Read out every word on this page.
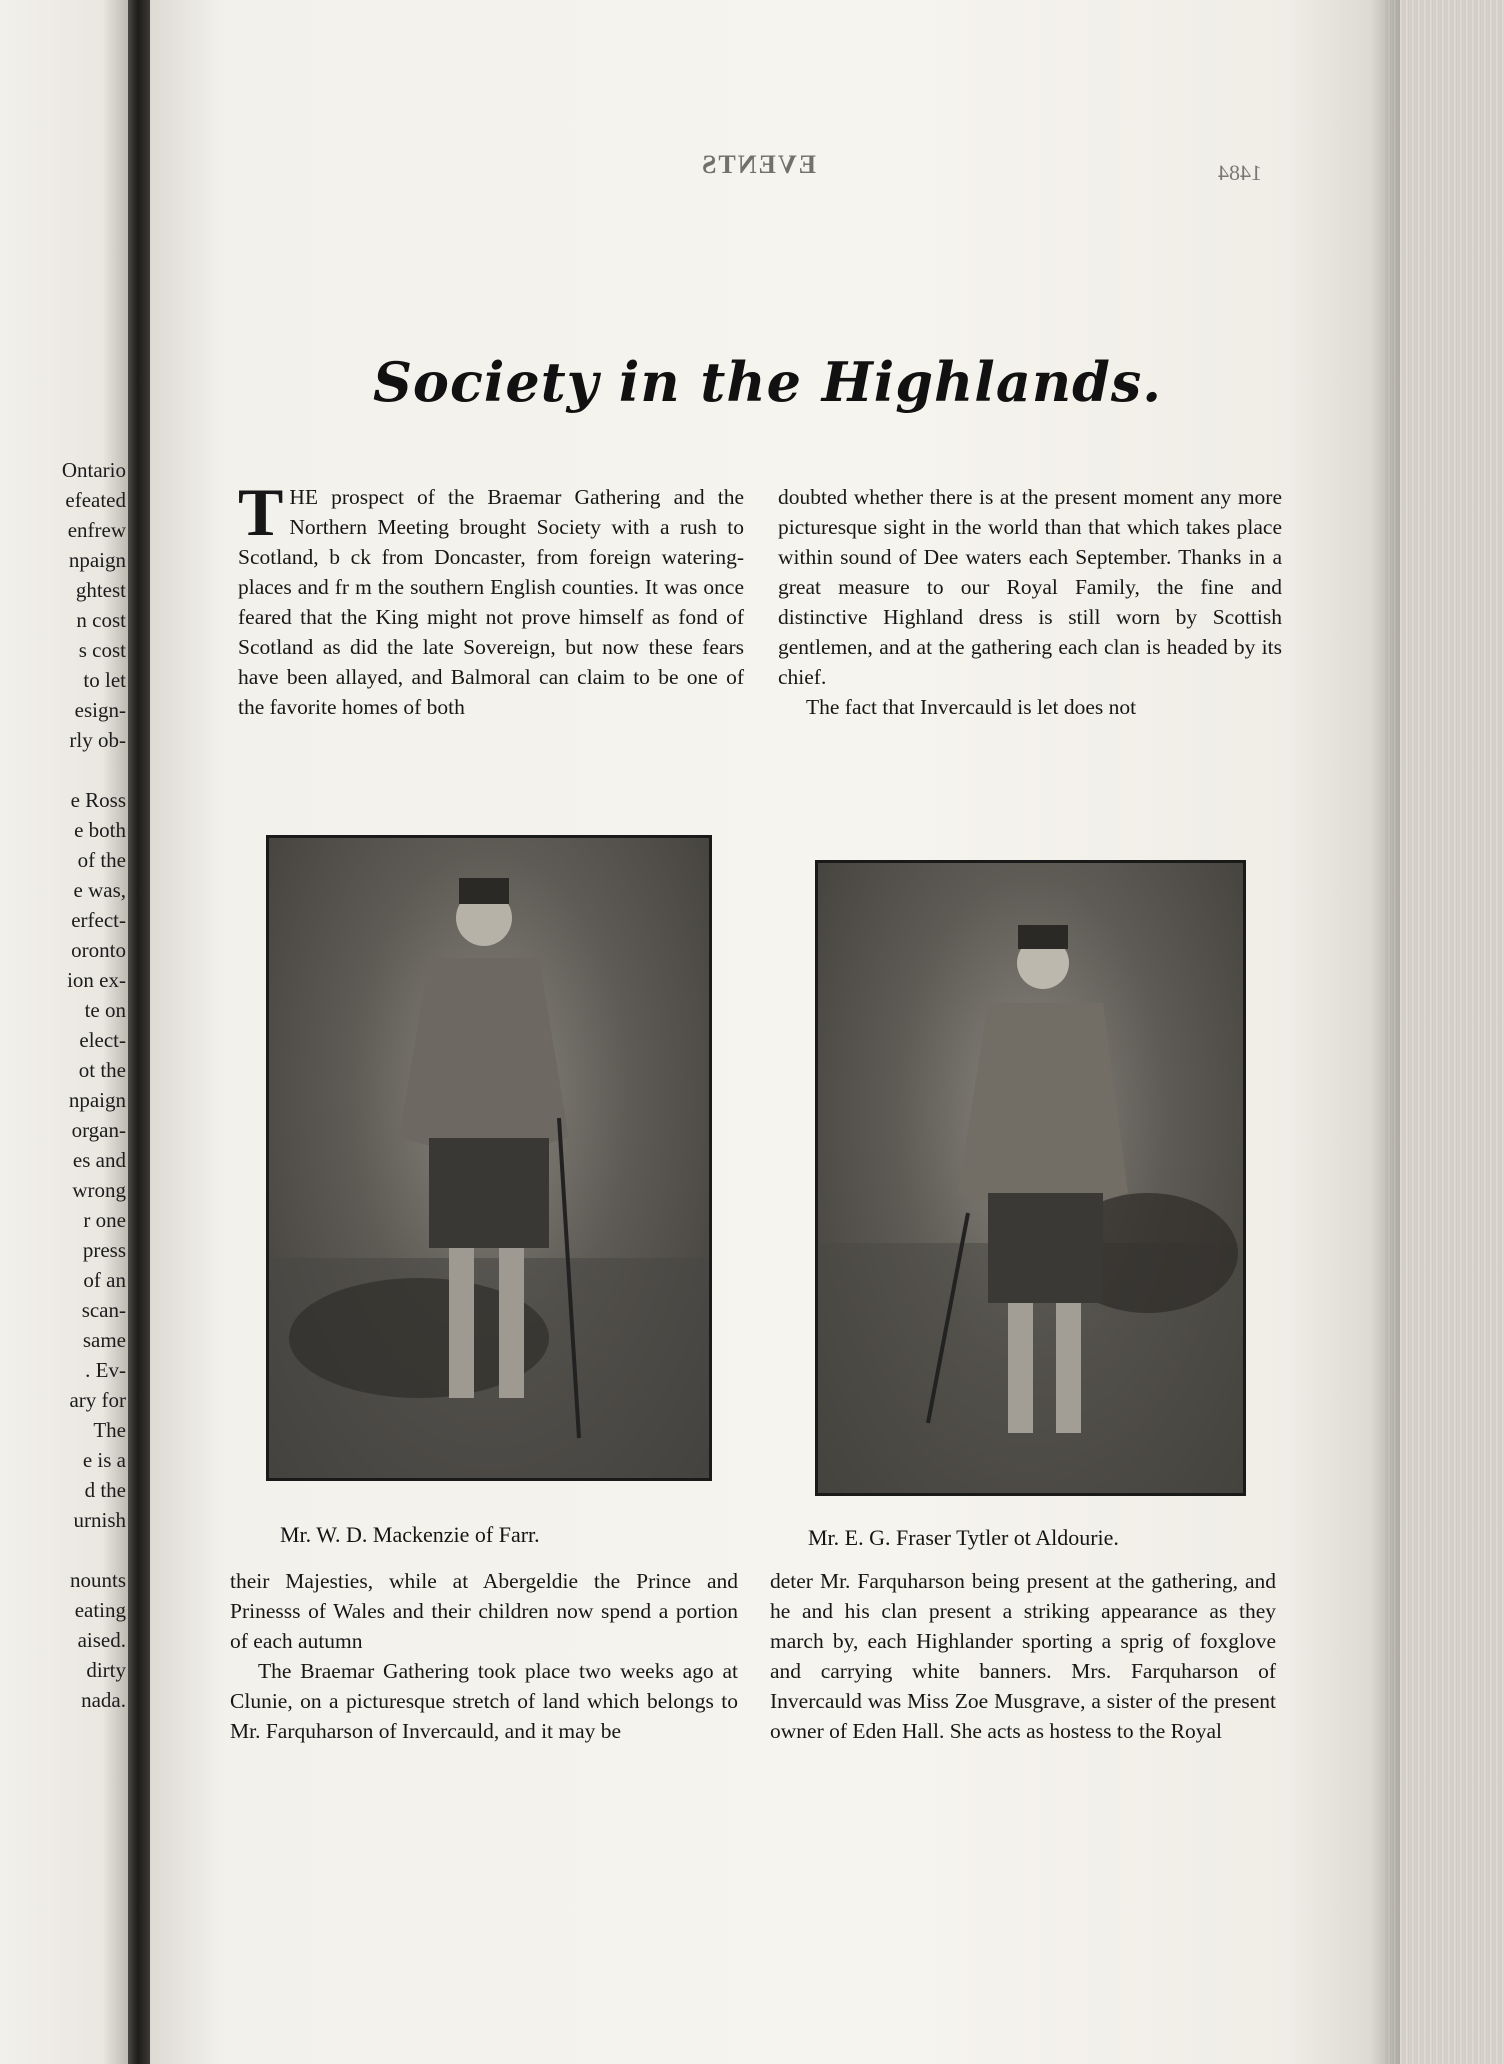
Ontario
efeated
enfrew
npaign
ghtest
n cost
s cost
to let
esign-
rly ob-
e Ross
e both
of the
e was,
erfect-
oronto
ion ex-
te on
elect-
ot the
npaign
organ-
es and
wrong
r one
press
of an
scan-
same
. Ev-
ary for
The
e is a
d the
urnish
nounts
eating
aised.
dirty
nada.
EVENTS	1484
Society in the Highlands.

THE prospect of the Braemar Gathering and the Northern Meeting brought Society with a rush to Scotland, b ck from Doncaster, from foreign watering-places and fr m the southern English counties. It was once feared that the King might not prove himself as fond of Scotland as did the late Sovereign, but now these fears have been allayed, and Balmoral can claim to be one of the favorite homes of both

doubted whether there is at the present moment any more picturesque sight in the world than that which takes place within sound of Dee waters each September. Thanks in a great measure to our Royal Family, the fine and distinctive Highland dress is still worn by Scottish gentlemen, and at the gathering each clan is headed by its chief.

The fact that Invercauld is let does not

Mr. W. D. Mackenzie of Farr.	Mr. E. G. Fraser Tytler ot Aldourie.

their Majesties, while at Abergeldie the Prince and Prinesss of Wales and their children now spend a portion of each autumn

The Braemar Gathering took place two weeks ago at Clunie, on a picturesque stretch of land which belongs to Mr. Farquharson of Invercauld, and it may be

deter Mr. Farquharson being present at the gathering, and he and his clan present a striking appearance as they march by, each Highlander sporting a sprig of foxglove and carrying white banners. Mrs. Farquharson of Invercauld was Miss Zoe Musgrave, a sister of the present owner of Eden Hall. She acts as hostess to the Royal
